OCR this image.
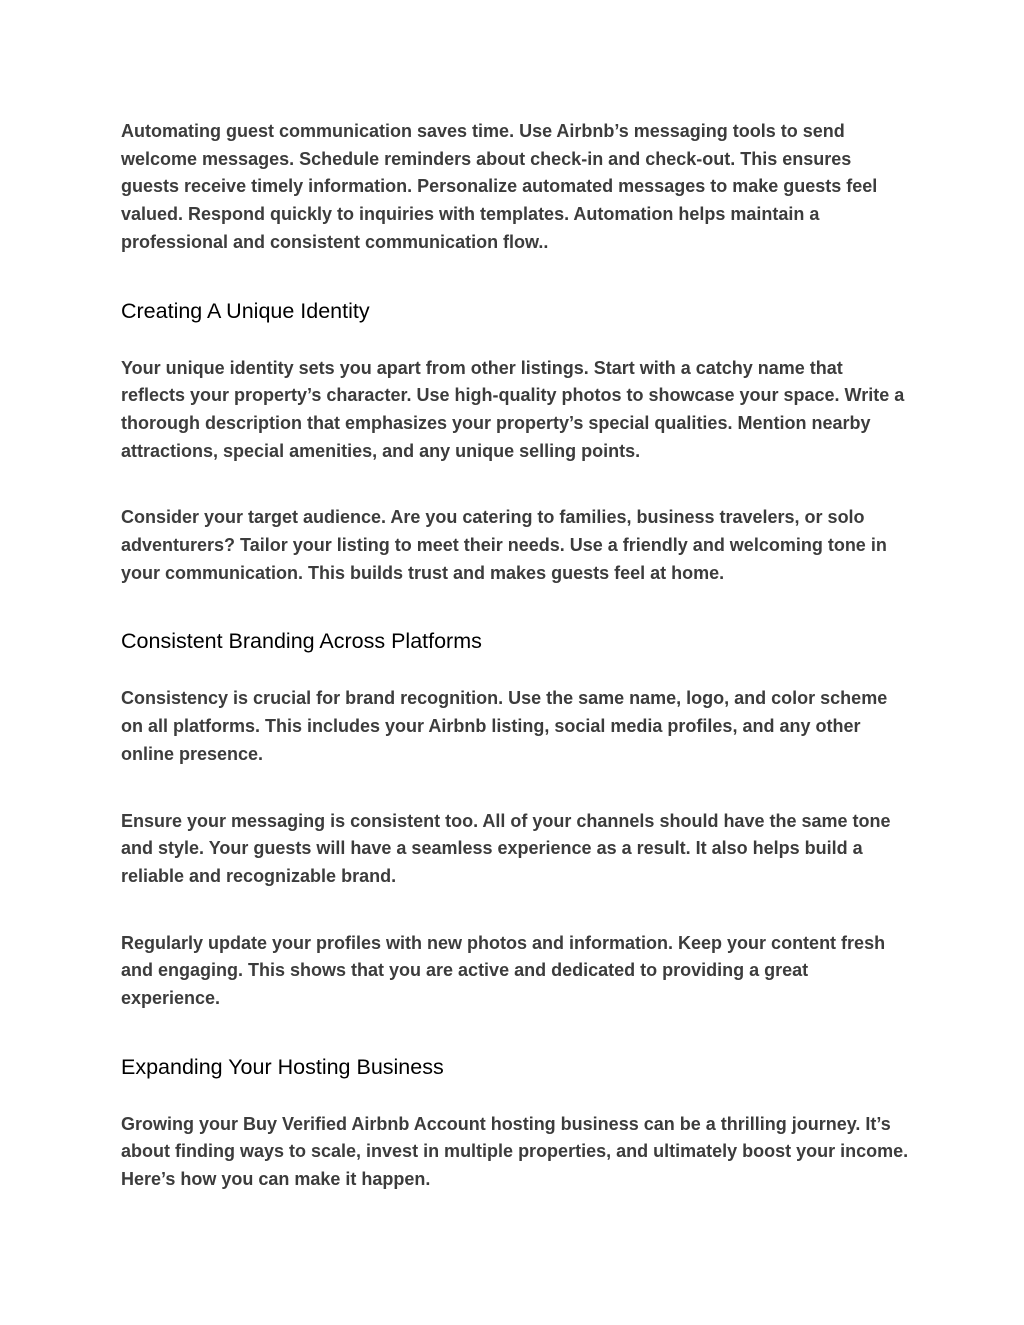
Automating guest communication saves time. Use Airbnb’s messaging tools to send welcome messages. Schedule reminders about check-in and check-out. This ensures guests receive timely information. Personalize automated messages to make guests feel valued. Respond quickly to inquiries with templates. Automation helps maintain a professional and consistent communication flow..

Creating A Unique Identity

Your unique identity sets you apart from other listings. Start with a catchy name that reflects your property’s character. Use high-quality photos to showcase your space. Write a thorough description that emphasizes your property’s special qualities. Mention nearby attractions, special amenities, and any unique selling points.

Consider your target audience. Are you catering to families, business travelers, or solo adventurers? Tailor your listing to meet their needs. Use a friendly and welcoming tone in your communication. This builds trust and makes guests feel at home.

Consistent Branding Across Platforms

Consistency is crucial for brand recognition. Use the same name, logo, and color scheme on all platforms. This includes your Airbnb listing, social media profiles, and any other online presence.

Ensure your messaging is consistent too. All of your channels should have the same tone and style. Your guests will have a seamless experience as a result. It also helps build a reliable and recognizable brand.

Regularly update your profiles with new photos and information. Keep your content fresh and engaging. This shows that you are active and dedicated to providing a great experience.

Expanding Your Hosting Business

Growing your Buy Verified Airbnb Account hosting business can be a thrilling journey. It’s about finding ways to scale, invest in multiple properties, and ultimately boost your income. Here’s how you can make it happen.
